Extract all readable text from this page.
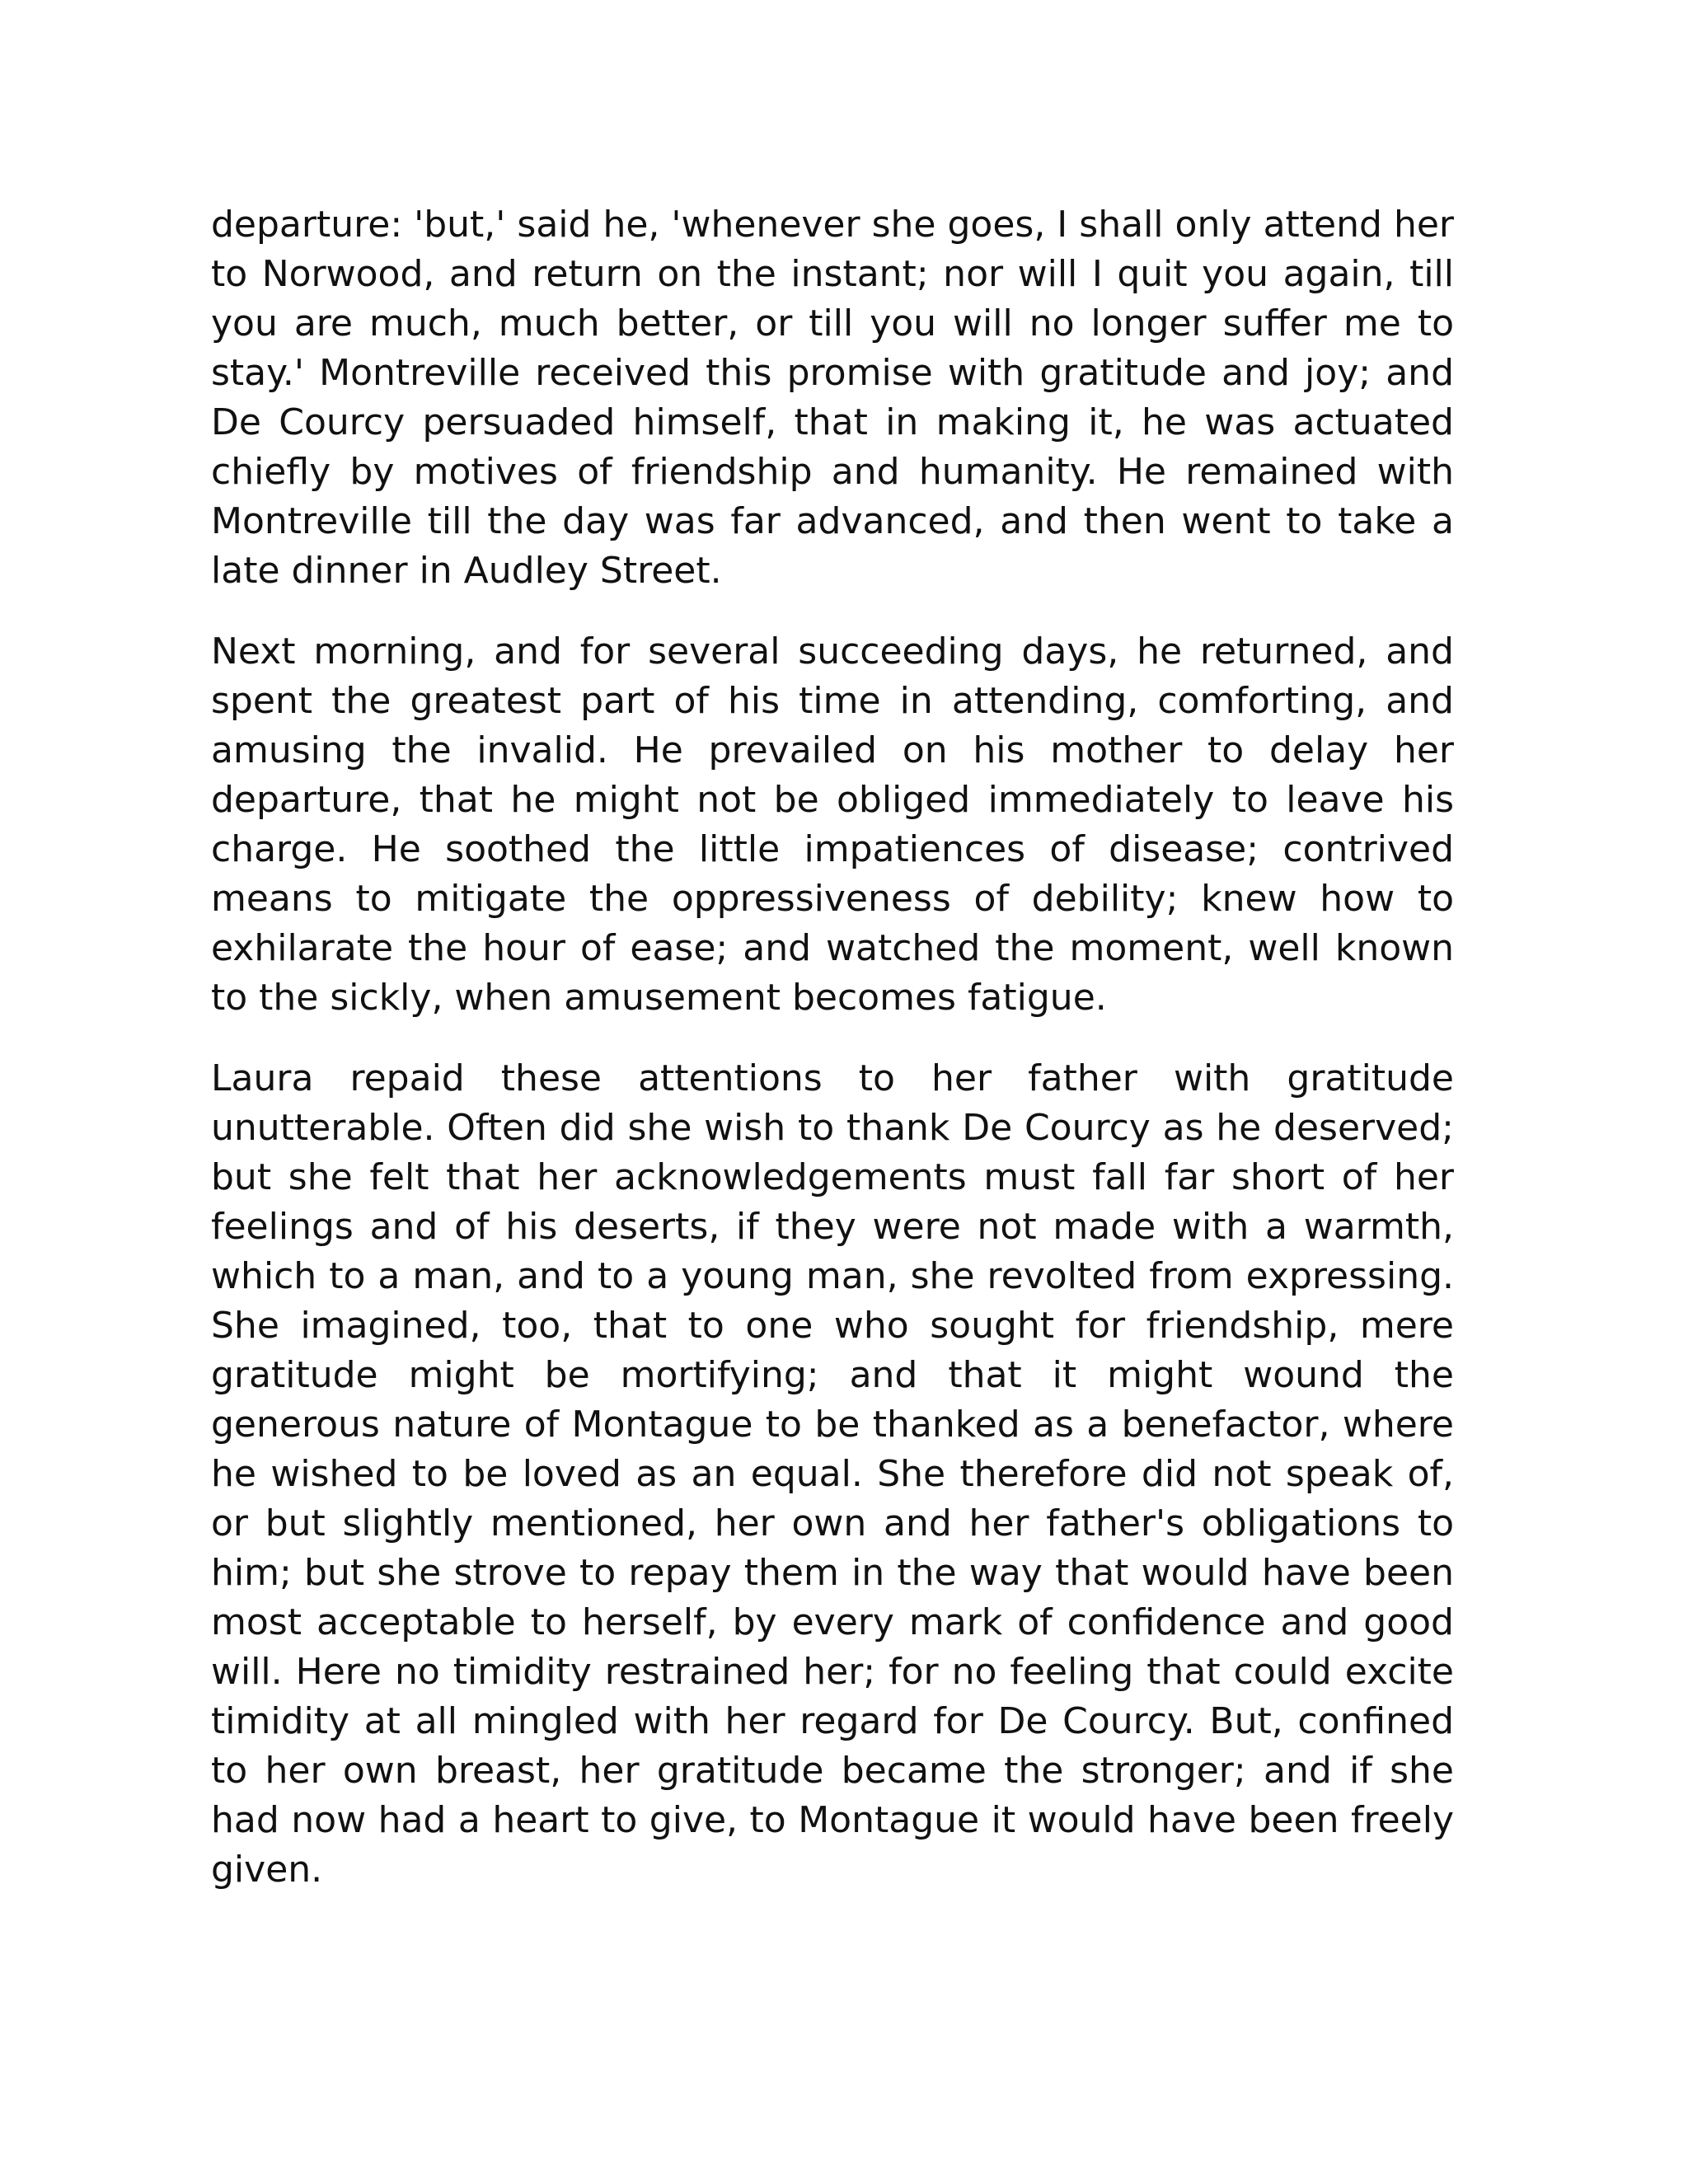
departure: 'but,' said he, 'whenever she goes, I shall only attend her to Norwood, and return on the instant; nor will I quit you again, till you are much, much better, or till you will no longer suffer me to stay.' Montreville received this promise with gratitude and joy; and De Courcy persuaded himself, that in making it, he was actuated chiefly by motives of friendship and humanity. He remained with Montreville till the day was far advanced, and then went to take a late dinner in Audley Street.

Next morning, and for several succeeding days, he returned, and spent the greatest part of his time in attending, comforting, and amusing the invalid. He prevailed on his mother to delay her departure, that he might not be obliged immediately to leave his charge. He soothed the little impatiences of disease; contrived means to mitigate the oppressiveness of debility; knew how to exhilarate the hour of ease; and watched the moment, well known to the sickly, when amusement becomes fatigue.

Laura repaid these attentions to her father with gratitude unutterable. Often did she wish to thank De Courcy as he deserved; but she felt that her acknowledgements must fall far short of her feelings and of his deserts, if they were not made with a warmth, which to a man, and to a young man, she revolted from expressing. She imagined, too, that to one who sought for friendship, mere gratitude might be mortifying; and that it might wound the generous nature of Montague to be thanked as a benefactor, where he wished to be loved as an equal. She therefore did not speak of, or but slightly mentioned, her own and her father's obligations to him; but she strove to repay them in the way that would have been most acceptable to herself, by every mark of confidence and good will. Here no timidity restrained her; for no feeling that could excite timidity at all mingled with her regard for De Courcy. But, confined to her own breast, her gratitude became the stronger; and if she had now had a heart to give, to Montague it would have been freely given.
